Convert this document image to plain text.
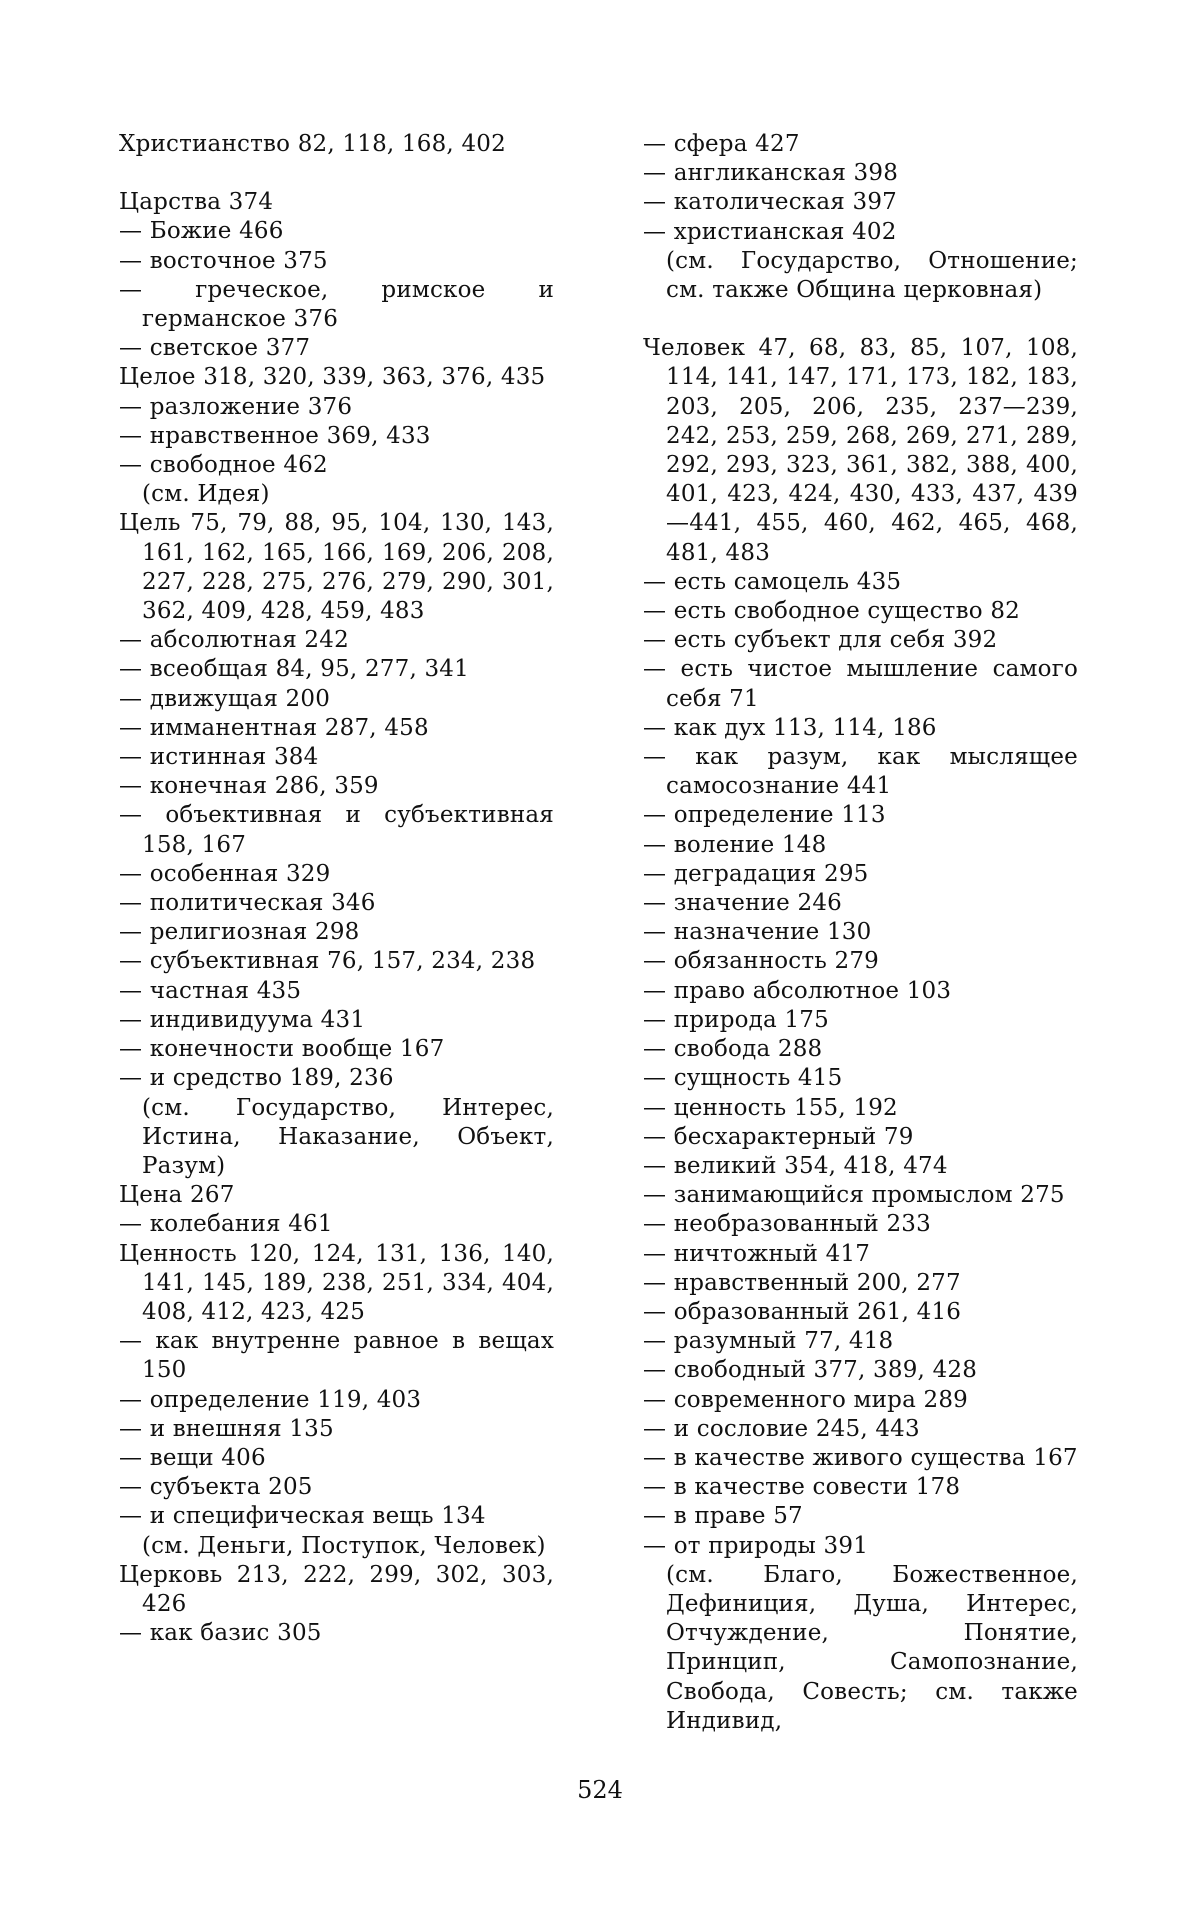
Христианство 82, 118, 168, 402
Царства 374
— Божие 466
— восточное 375
— греческое, римское и германское 376
— светское 377
Целое 318, 320, 339, 363, 376, 435
— разложение 376
— нравственное 369, 433
— свободное 462
(см. Идея)
Цель 75, 79, 88, 95, 104, 130, 143, 161, 162, 165, 166, 169, 206, 208, 227, 228, 275, 276, 279, 290, 301, 362, 409, 428, 459, 483
— абсолютная 242
— всеобщая 84, 95, 277, 341
— движущая 200
— имманентная 287, 458
— истинная 384
— конечная 286, 359
— объективная и субъективная 158, 167
— особенная 329
— политическая 346
— религиозная 298
— субъективная 76, 157, 234, 238
— частная 435
— индивидуума 431
— конечности вообще 167
— и средство 189, 236
(см. Государство, Интерес, Истина, Наказание, Объект, Разум)
Цена 267
— колебания 461
Ценность 120, 124, 131, 136, 140, 141, 145, 189, 238, 251, 334, 404, 408, 412, 423, 425
— как внутренне равное в вещах 150
— определение 119, 403
— и внешняя 135
— вещи 406
— субъекта 205
— и специфическая вещь 134
(см. Деньги, Поступок, Человек)
Церковь 213, 222, 299, 302, 303, 426
— как базис 305
— сфера 427
— англиканская 398
— католическая 397
— христианская 402
(см. Государство, Отношение; см. также Община церковная)
Человек 47, 68, 83, 85, 107, 108, 114, 141, 147, 171, 173, 182, 183, 203, 205, 206, 235, 237—239, 242, 253, 259, 268, 269, 271, 289, 292, 293, 323, 361, 382, 388, 400, 401, 423, 424, 430, 433, 437, 439—441, 455, 460, 462, 465, 468, 481, 483
— есть самоцель 435
— есть свободное существо 82
— есть субъект для себя 392
— есть чистое мышление самого себя 71
— как дух 113, 114, 186
— как разум, как мыслящее самосознание 441
— определение 113
— воление 148
— деградация 295
— значение 246
— назначение 130
— обязанность 279
— право абсолютное 103
— природа 175
— свобода 288
— сущность 415
— ценность 155, 192
— бесхарактерный 79
— великий 354, 418, 474
— занимающийся промыслом 275
— необразованный 233
— ничтожный 417
— нравственный 200, 277
— образованный 261, 416
— разумный 77, 418
— свободный 377, 389, 428
— современного мира 289
— и сословие 245, 443
— в качестве живого существа 167
— в качестве совести 178
— в праве 57
— от природы 391
(см. Благо, Божественное, Дефиниция, Душа, Интерес, Отчуждение, Понятие, Принцип, Самопознание, Свобода, Совесть; см. также Индивид,
524
